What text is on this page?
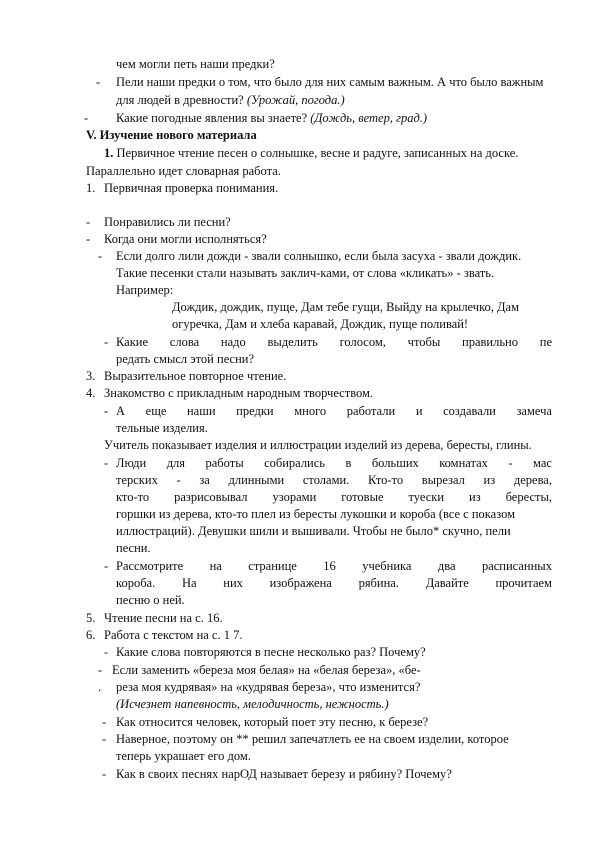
чем могли петь наши предки?
- Пели наши предки о том, что было для них самым важным. А что было важным
для людей в древности? (Урожай, погода.)
- Какие погодные явления вы знаете? (Дождь, ветер, град.)
V. Изучение нового материала
1. Первичное чтение песен о солнышке, весне и радуге, записанных на доске.
Параллельно идет словарная работа.
1. Первичная проверка понимания.
- Понравились ли песни?
- Когда они могли исполняться?
- Если долго лили дожди - звали солнышко, если была засуха - звали дождик.
Такие песенки стали называть заклич-ками, от слова «кликать» - звать.
Например:
Дождик, дождик, пуще, Дам тебе гущи, Выйду на крылечко, Дам
огуречка, Дам и хлеба каравай, Дождик, пуще поливай!
- Какие слова надо выделить голосом, чтобы правильно пе
редать смысл этой песни?
3. Выразительное повторное чтение.
4. Знакомство с прикладным народным творчеством.
- А еще наши предки много работали и создавали замеча
тельные изделия.
Учитель показывает изделия и иллюстрации изделий из дерева, бересты, глины.
- Люди для работы собирались в больших комнатах - мас
терских - за длинными столами. Кто-то вырезал из дерева,
кто-то разрисовывал узорами готовые туески из бересты,
горшки из дерева, кто-то плел из бересты лукошки и короба (все с показом
иллюстраций). Девушки шили и вышивали. Чтобы не было* скучно, пели
песни.
- Рассмотрите на странице 16 учебника два расписанных
короба. На них изображена рябина. Давайте прочитаем
песню о ней.
5. Чтение песни на с. 16.
6. Работа с текстом на с. 1 7.
- Какие слова повторяются в песне несколько раз? Почему?
- Если заменить «береза моя белая» на «белая береза», «бе-
. реза моя кудрявая» на «кудрявая береза», что изменится?
(Исчезнет напевность, мелодичность, нежность.)
- Как относится человек, который поет эту песню, к березе?
- Наверное, поэтому он ** решил запечатлеть ее на своем изделии, которое
теперь украшает его дом.
- Как в своих песнях нарОД называет березу и рябину? Почему?
